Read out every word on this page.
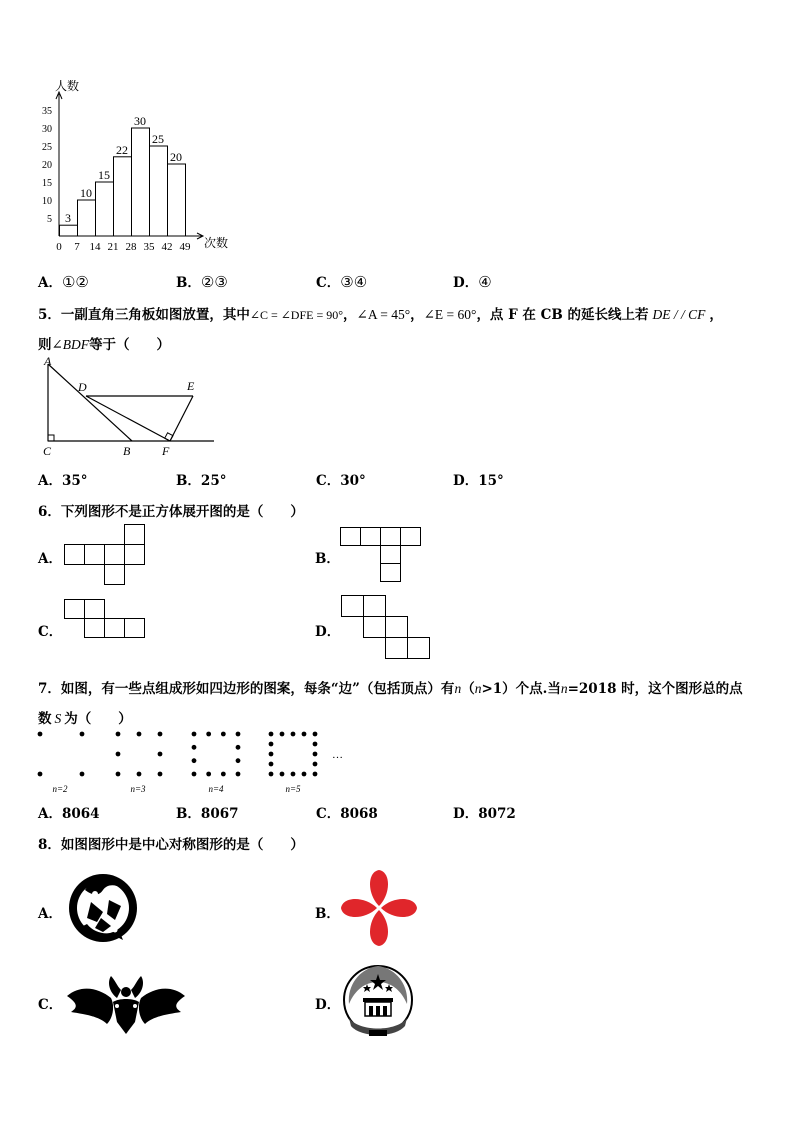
人数
次数
5
10
15
20
25
30
35
0 7 14 21 28 35 42 49
3
10
15
22
30
25
20
A．①②	B．②③	C．③④	D．④
5．一副直角三角板如图放置，其中∠C = ∠DFE = 90°，∠A = 45°，∠E = 60°，点 F 在 CB 的延长线上若 DE / / CF ，
则∠BDF等于（　　）
A
C	B	F
D	E
A．35°	B．25°	C．30°	D．15°
6．下列图形不是正方体展开图的是（　　）
A．	B．
C．	D．
7．如图，有一些点组成形如四边形的图案，每条“边”（包括顶点）有n（n>1）个点.当n=2018 时，这个图形总的点
数 S 为（　　）
n=2	n=3	n=4	n=5
…
A．8064	B．8067	C．8068	D．8072
8．如图图形中是中心对称图形的是（　　）
A．	B．
C．	D．
